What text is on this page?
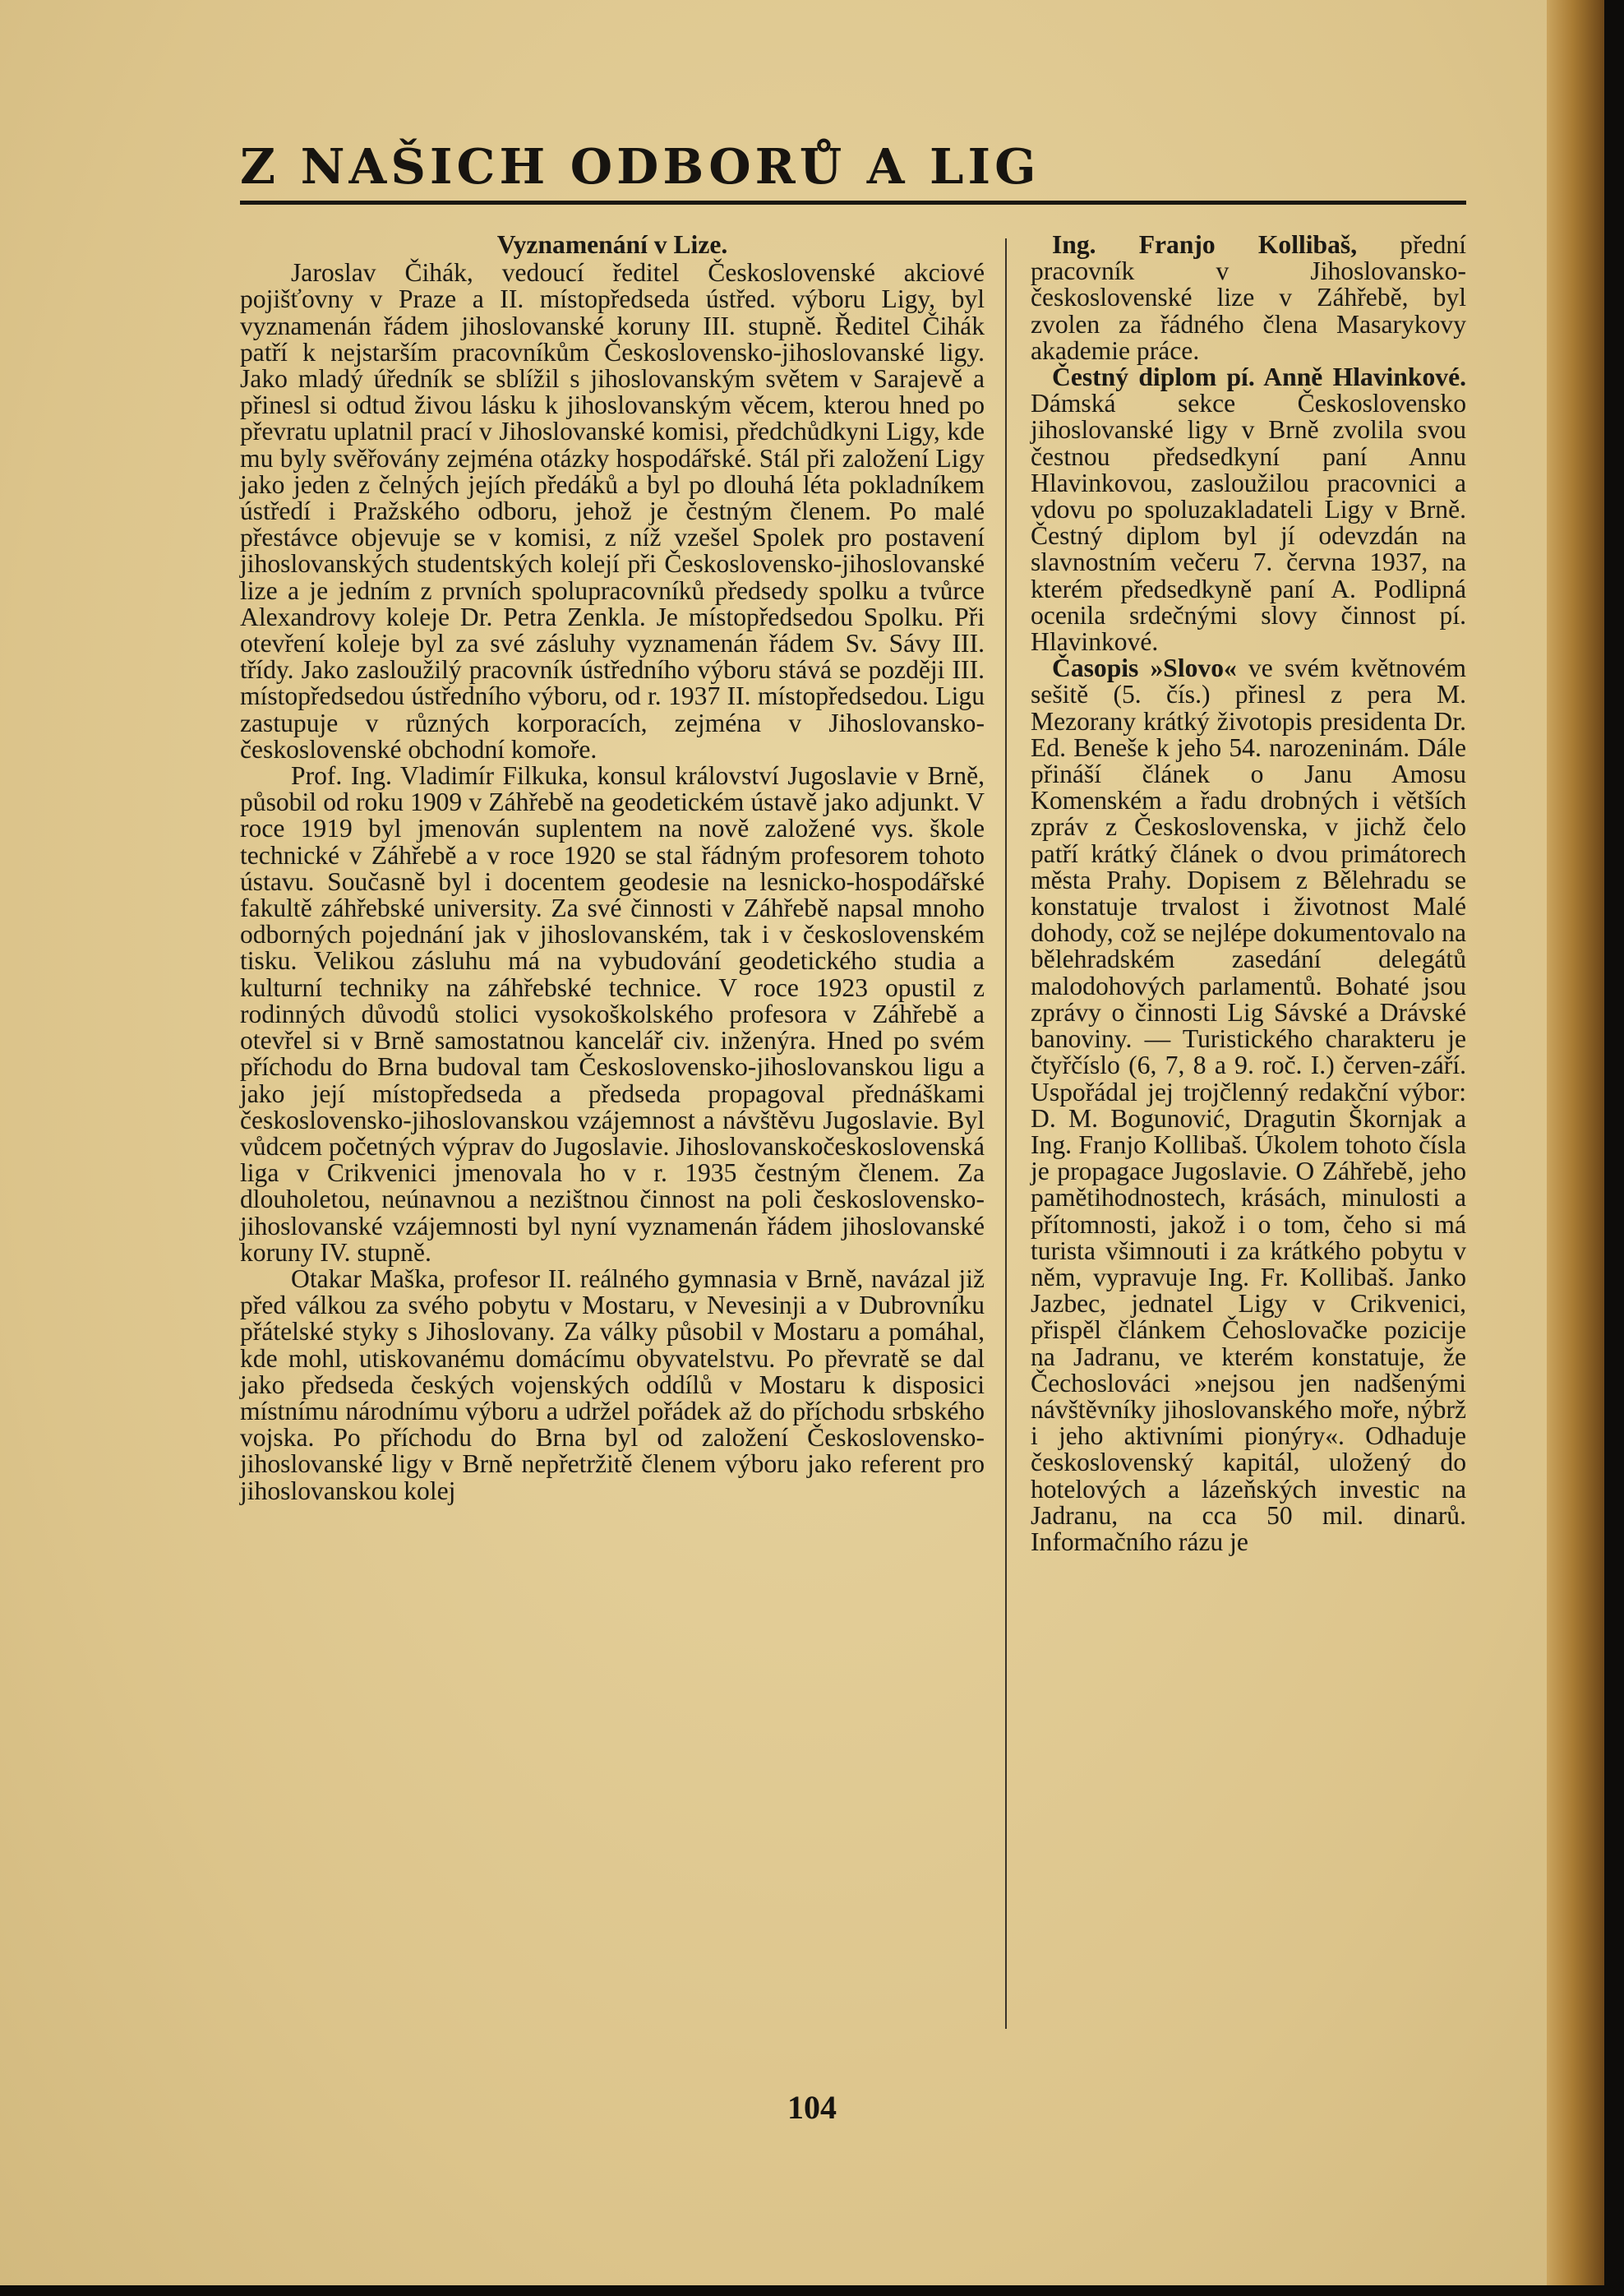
Z NAŠICH ODBORŮ A LIG

Vyznamenání v Lize.

Jaroslav Čihák, vedoucí ředitel Československé akciové pojišťovny v Praze a II. místopředseda ústřed. výboru Ligy, byl vyznamenán řádem jihoslovanské koruny III. stupně. Ředitel Čihák patří k nejstarším pracovníkům Československo-jihoslovanské ligy. Jako mladý úředník se sblížil s jihoslovanským světem v Sarajevě a přinesl si odtud živou lásku k jihoslovanským věcem, kterou hned po převratu uplatnil prací v Jihoslovanské komisi, předchůdkyni Ligy, kde mu byly svěřovány zejména otázky hospodářské. Stál při založení Ligy jako jeden z čelných jejích předáků a byl po dlouhá léta pokladníkem ústředí i Pražského odboru, jehož je čestným členem. Po malé přestávce objevuje se v komisi, z níž vzešel Spolek pro postavení jihoslovanských studentských kolejí při Československo-jihoslovanské lize a je jedním z prvních spolupracovníků předsedy spolku a tvůrce Alexandrovy koleje Dr. Petra Zenkla. Je místopředsedou Spolku. Při otevření koleje byl za své zásluhy vyznamenán řádem Sv. Sávy III. třídy. Jako zasloužilý pracovník ústředního výboru stává se později III. místopředsedou ústředního výboru, od r. 1937 II. místopředsedou. Ligu zastupuje v různých korporacích, zejména v Jihoslovansko-československé obchodní komoře.

Prof. Ing. Vladimír Filkuka, konsul království Jugoslavie v Brně, působil od roku 1909 v Záhřebě na geodetickém ústavě jako adjunkt. V roce 1919 byl jmenován suplentem na nově založené vys. škole technické v Záhřebě a v roce 1920 se stal řádným profesorem tohoto ústavu. Současně byl i docentem geodesie na lesnicko-hospodářské fakultě záhřebské university. Za své činnosti v Záhřebě napsal mnoho odborných pojednání jak v jihoslovanském, tak i v československém tisku. Velikou zásluhu má na vybudování geodetického studia a kulturní techniky na záhřebské technice. V roce 1923 opustil z rodinných důvodů stolici vysokoškolského profesora v Záhřebě a otevřel si v Brně samostatnou kancelář civ. inženýra. Hned po svém příchodu do Brna budoval tam Československo-jihoslovanskou ligu a jako její místopředseda a předseda propagoval přednáškami československo-jihoslovanskou vzájemnost a návštěvu Jugoslavie. Byl vůdcem početných výprav do Jugoslavie. Jihoslovanskočeskoslovenská liga v Crikvenici jmenovala ho v r. 1935 čestným členem. Za dlouholetou, neúnavnou a nezištnou činnost na poli československo-jihoslovanské vzájemnosti byl nyní vyznamenán řádem jihoslovanské koruny IV. stupně.

Otakar Maška, profesor II. reálného gymnasia v Brně, navázal již před válkou za svého pobytu v Mostaru, v Nevesinji a v Dubrovníku přátelské styky s Jihoslovany. Za války působil v Mostaru a pomáhal, kde mohl, utiskovanému domácímu obyvatelstvu. Po převratě se dal jako předseda českých vojenských oddílů v Mostaru k disposici místnímu národnímu výboru a udržel pořádek až do příchodu srbského vojska. Po příchodu do Brna byl od založení Československo-jihoslovanské ligy v Brně nepřetržitě členem výboru jako referent pro jihoslovanskou kolej

Ing. Franjo Kollibaš, přední pracovník v Jihoslovansko-československé lize v Záhřebě, byl zvolen za řádného člena Masarykovy akademie práce.

Čestný diplom pí. Anně Hlavinkové. Dámská sekce Československo jihoslovanské ligy v Brně zvolila svou čestnou předsedkyní paní Annu Hlavinkovou, zasloužilou pracovnici a vdovu po spoluzakladateli Ligy v Brně. Čestný diplom byl jí odevzdán na slavnostním večeru 7. června 1937, na kterém předsedkyně paní A. Podlipná ocenila srdečnými slovy činnost pí. Hlavinkové.

Časopis »Slovo« ve svém květnovém sešitě (5. čís.) přinesl z pera M. Mezorany krátký životopis presidenta Dr. Ed. Beneše k jeho 54. narozeninám. Dále přináší článek o Janu Amosu Komenském a řadu drobných i větších zpráv z Československa, v jichž čelo patří krátký článek o dvou primátorech města Prahy. Dopisem z Bělehradu se konstatuje trvalost i životnost Malé dohody, což se nejlépe dokumentovalo na bělehradském zasedání delegátů malodohových parlamentů. Bohaté jsou zprávy o činnosti Lig Sávské a Drávské banoviny. — Turistického charakteru je čtyřčíslo (6, 7, 8 a 9. roč. I.) červen-září. Uspořádal jej trojčlenný redakční výbor: D. M. Bogunović, Dragutin Škornjak a Ing. Franjo Kollibaš. Úkolem tohoto čísla je propagace Jugoslavie. O Záhřebě, jeho pamětihodnostech, krásách, minulosti a přítomnosti, jakož i o tom, čeho si má turista všimnouti i za krátkého pobytu v něm, vypravuje Ing. Fr. Kollibaš. Janko Jazbec, jednatel Ligy v Crikvenici, přispěl článkem Čehoslovačke pozicije na Jadranu, ve kterém konstatuje, že Čechoslováci »nejsou jen nadšenými návštěvníky jihoslovanského moře, nýbrž i jeho aktivními pionýry«. Odhaduje československý kapitál, uložený do hotelových a lázeňských investic na Jadranu, na cca 50 mil. dinarů. Informačního rázu je

104
